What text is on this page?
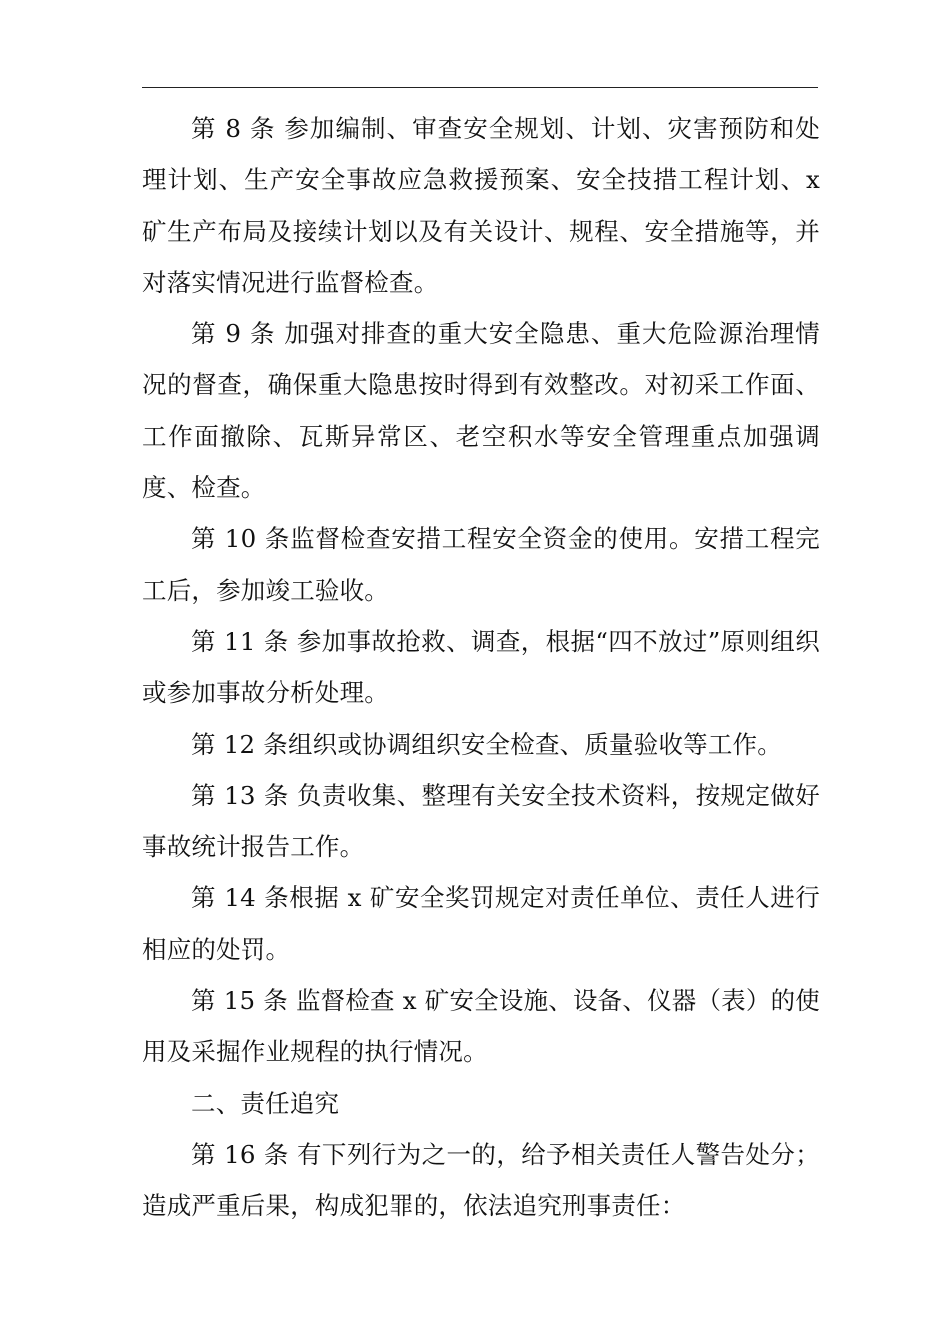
第 8 条 参加编制、审查安全规划、计划、灾害预防和处理计划、生产安全事故应急救援预案、安全技措工程计划、x 矿生产布局及接续计划以及有关设计、规程、安全措施等，并对落实情况进行监督检查。

第 9 条 加强对排查的重大安全隐患、重大危险源治理情况的督查，确保重大隐患按时得到有效整改。对初采工作面、工作面撤除、瓦斯异常区、老空积水等安全管理重点加强调度、检查。

第 10 条监督检查安措工程安全资金的使用。安措工程完工后，参加竣工验收。

第 11 条 参加事故抢救、调查，根据“四不放过”原则组织或参加事故分析处理。

第 12 条组织或协调组织安全检查、质量验收等工作。

第 13 条 负责收集、整理有关安全技术资料，按规定做好事故统计报告工作。

第 14 条根据 x 矿安全奖罚规定对责任单位、责任人进行相应的处罚。

第 15 条 监督检查 x 矿安全设施、设备、仪器（表）的使用及采掘作业规程的执行情况。

二、责任追究

第 16 条 有下列行为之一的，给予相关责任人警告处分；造成严重后果，构成犯罪的，依法追究刑事责任：
